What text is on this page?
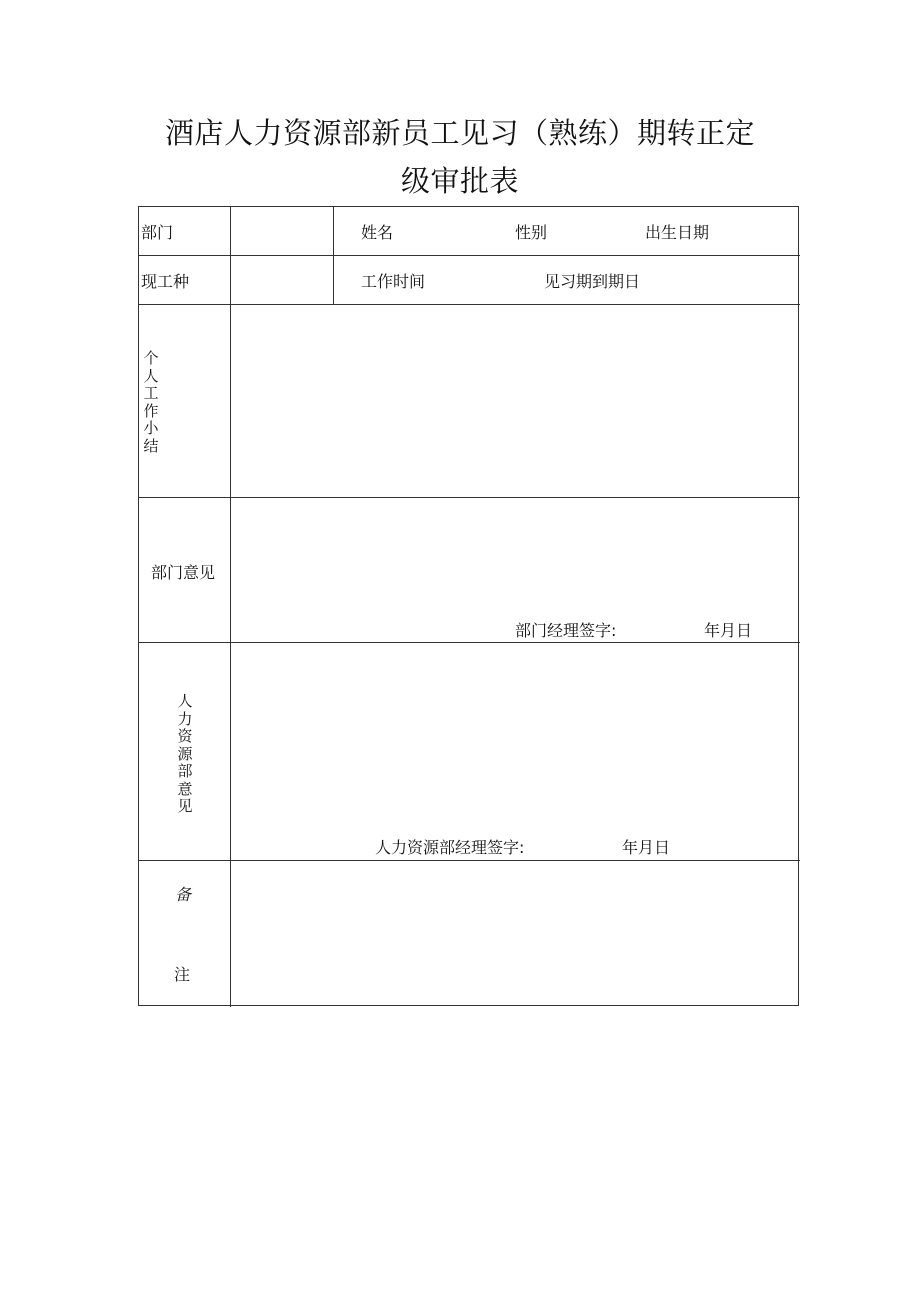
酒店人力资源部新员工见习（熟练）期转正定
级审批表
部门	姓名	性别	出生日期
现工种	工作时间	见习期到期日
个人工作小结
部门意见
部门经理签字:	年月日
人力资源部意见
人力资源部经理签字:	年月日
备
注
